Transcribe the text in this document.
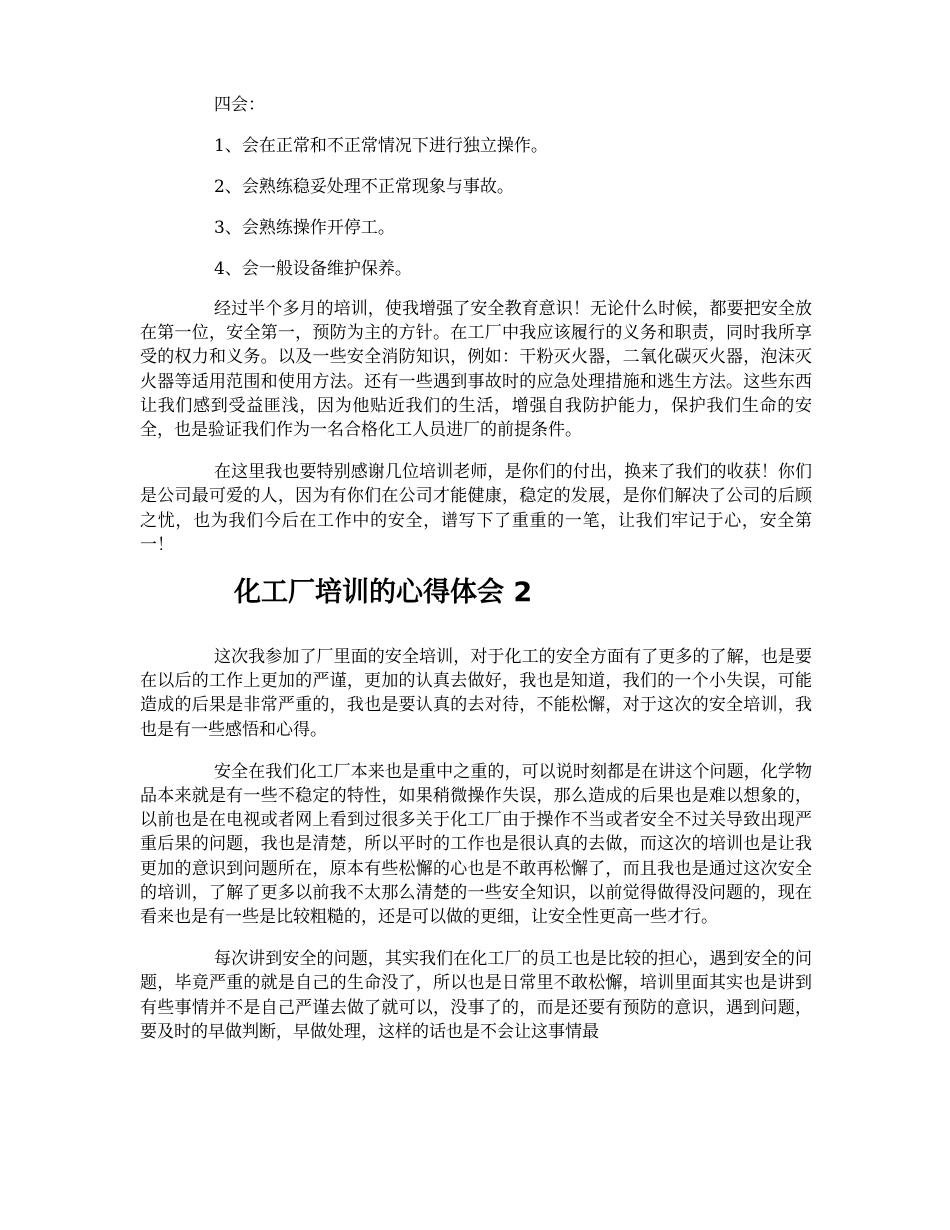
四会：
1、会在正常和不正常情况下进行独立操作。
2、会熟练稳妥处理不正常现象与事故。
3、会熟练操作开停工。
4、会一般设备维护保养。

经过半个多月的培训，使我增强了安全教育意识！无论什么时候，都要把安全放在第一位，安全第一，预防为主的方针。在工厂中我应该履行的义务和职责，同时我所享受的权力和义务。以及一些安全消防知识，例如：干粉灭火器，二氧化碳灭火器，泡沫灭火器等适用范围和使用方法。还有一些遇到事故时的应急处理措施和逃生方法。这些东西让我们感到受益匪浅，因为他贴近我们的生活，增强自我防护能力，保护我们生命的安全，也是验证我们作为一名合格化工人员进厂的前提条件。

在这里我也要特别感谢几位培训老师，是你们的付出，换来了我们的收获！你们是公司最可爱的人，因为有你们在公司才能健康，稳定的发展，是你们解决了公司的后顾之忧，也为我们今后在工作中的安全，谱写下了重重的一笔，让我们牢记于心，安全第一！

化工厂培训的心得体会 2

这次我参加了厂里面的安全培训，对于化工的安全方面有了更多的了解，也是要在以后的工作上更加的严谨，更加的认真去做好，我也是知道，我们的一个小失误，可能造成的后果是非常严重的，我也是要认真的去对待，不能松懈，对于这次的安全培训，我也是有一些感悟和心得。

安全在我们化工厂本来也是重中之重的，可以说时刻都是在讲这个问题，化学物品本来就是有一些不稳定的特性，如果稍微操作失误，那么造成的后果也是难以想象的，以前也是在电视或者网上看到过很多关于化工厂由于操作不当或者安全不过关导致出现严重后果的问题，我也是清楚，所以平时的工作也是很认真的去做，而这次的培训也是让我更加的意识到问题所在，原本有些松懈的心也是不敢再松懈了，而且我也是通过这次安全的培训，了解了更多以前我不太那么清楚的一些安全知识，以前觉得做得没问题的，现在看来也是有一些是比较粗糙的，还是可以做的更细，让安全性更高一些才行。

每次讲到安全的问题，其实我们在化工厂的员工也是比较的担心，遇到安全的问题，毕竟严重的就是自己的生命没了，所以也是日常里不敢松懈，培训里面其实也是讲到有些事情并不是自己严谨去做了就可以，没事了的，而是还要有预防的意识，遇到问题，要及时的早做判断，早做处理，这样的话也是不会让这事情最
